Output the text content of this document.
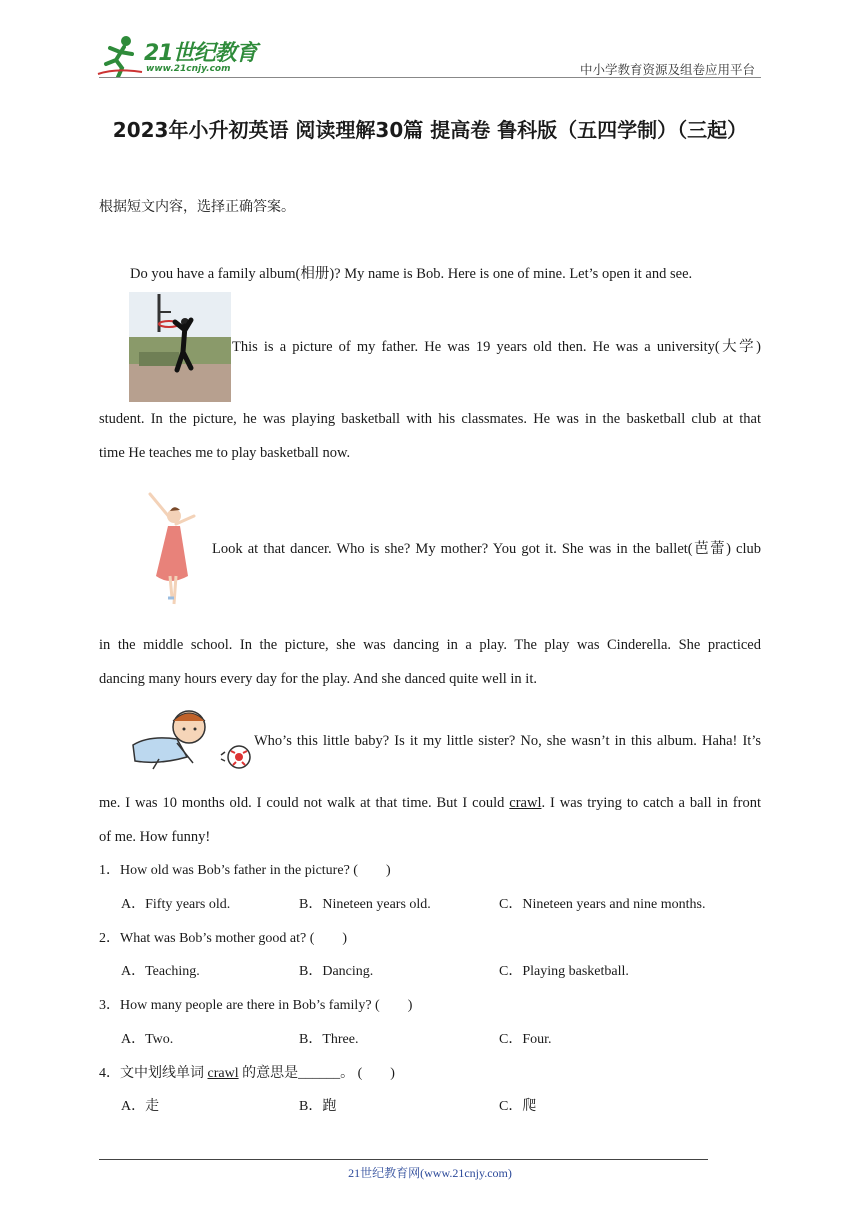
21世纪教育
www.21cnjy.com	中小学教育资源及组卷应用平台
2023年小升初英语 阅读理解30篇 提高卷 鲁科版（五四学制）（三起）
根据短文内容，选择正确答案。
Do you have a family album(相册)? My name is Bob. Here is one of mine. Let’s open it and see.
This is a picture of my father. He was 19 years old then. He was a university(大学)
student. In the picture, he was playing basketball with his classmates. He was in the basketball club at that
time He teaches me to play basketball now.
Look at that dancer. Who is she? My mother? You got it. She was in the ballet(芭蕾) club
in the middle school. In the picture, she was dancing in a play. The play was Cinderella. She practiced
dancing many hours every day for the play. And she danced quite well in it.
Who’s this little baby? Is it my little sister? No, she wasn’t in this album. Haha! It’s
me. I was 10 months old. I could not walk at that time. But I could crawl. I was trying to catch a ball in front
of me. How funny!
1．How old was Bob’s father in the picture? (　　)
A．Fifty years old.	B．Nineteen years old.	C．Nineteen years and nine months.
2．What was Bob’s mother good at? (　　)
A．Teaching.	B．Dancing.	C．Playing basketball.
3．How many people are there in Bob’s family? (　　)
A．Two.	B．Three.	C．Four.
4．文中划线单词 crawl 的意思是______。 (　　)
A．走	B．跑	C．爬
21世纪教育网(www.21cnjy.com)
